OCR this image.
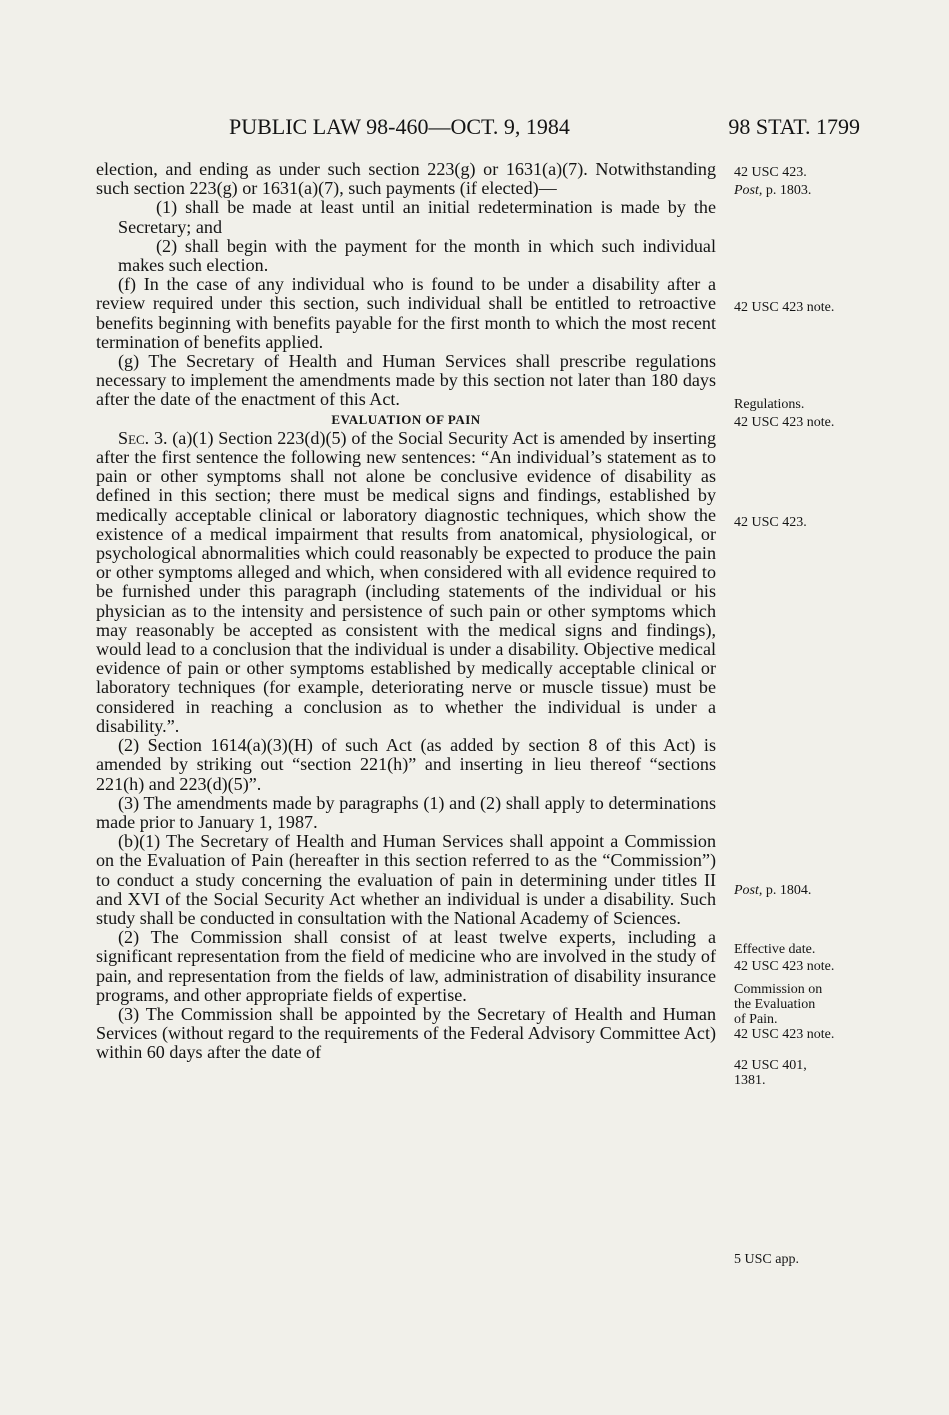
PUBLIC LAW 98-460—OCT. 9, 1984	98 STAT. 1799

election, and ending as under such section 223(g) or 1631(a)(7). Notwithstanding such section 223(g) or 1631(a)(7), such payments (if elected)—

(1) shall be made at least until an initial redetermination is made by the Secretary; and

(2) shall begin with the payment for the month in which such individual makes such election.

(f) In the case of any individual who is found to be under a disability after a review required under this section, such individual shall be entitled to retroactive benefits beginning with benefits payable for the first month to which the most recent termination of benefits applied.

(g) The Secretary of Health and Human Services shall prescribe regulations necessary to implement the amendments made by this section not later than 180 days after the date of the enactment of this Act.

EVALUATION OF PAIN

Sec. 3. (a)(1) Section 223(d)(5) of the Social Security Act is amended by inserting after the first sentence the following new sentences: “An individual’s statement as to pain or other symptoms shall not alone be conclusive evidence of disability as defined in this section; there must be medical signs and findings, established by medically acceptable clinical or laboratory diagnostic techniques, which show the existence of a medical impairment that results from anatomical, physiological, or psychological abnormalities which could reasonably be expected to produce the pain or other symptoms alleged and which, when considered with all evidence required to be furnished under this paragraph (including statements of the individual or his physician as to the intensity and persistence of such pain or other symptoms which may reasonably be accepted as consistent with the medical signs and findings), would lead to a conclusion that the individual is under a disability. Objective medical evidence of pain or other symptoms established by medically acceptable clinical or laboratory techniques (for example, deteriorating nerve or muscle tissue) must be considered in reaching a conclusion as to whether the individual is under a disability.”.

(2) Section 1614(a)(3)(H) of such Act (as added by section 8 of this Act) is amended by striking out “section 221(h)” and inserting in lieu thereof “sections 221(h) and 223(d)(5)”.

(3) The amendments made by paragraphs (1) and (2) shall apply to determinations made prior to January 1, 1987.

(b)(1) The Secretary of Health and Human Services shall appoint a Commission on the Evaluation of Pain (hereafter in this section referred to as the “Commission”) to conduct a study concerning the evaluation of pain in determining under titles II and XVI of the Social Security Act whether an individual is under a disability. Such study shall be conducted in consultation with the National Academy of Sciences.

(2) The Commission shall consist of at least twelve experts, including a significant representation from the field of medicine who are involved in the study of pain, and representation from the fields of law, administration of disability insurance programs, and other appropriate fields of expertise.

(3) The Commission shall be appointed by the Secretary of Health and Human Services (without regard to the requirements of the Federal Advisory Committee Act) within 60 days after the date of

42 USC 423.
Post, p. 1803.
42 USC 423 note.
Regulations.
42 USC 423 note.
42 USC 423.
Post, p. 1804.
Effective date.
42 USC 423 note.
Commission on
the Evaluation
of Pain.
42 USC 423 note.
42 USC 401,
1381.
5 USC app.
